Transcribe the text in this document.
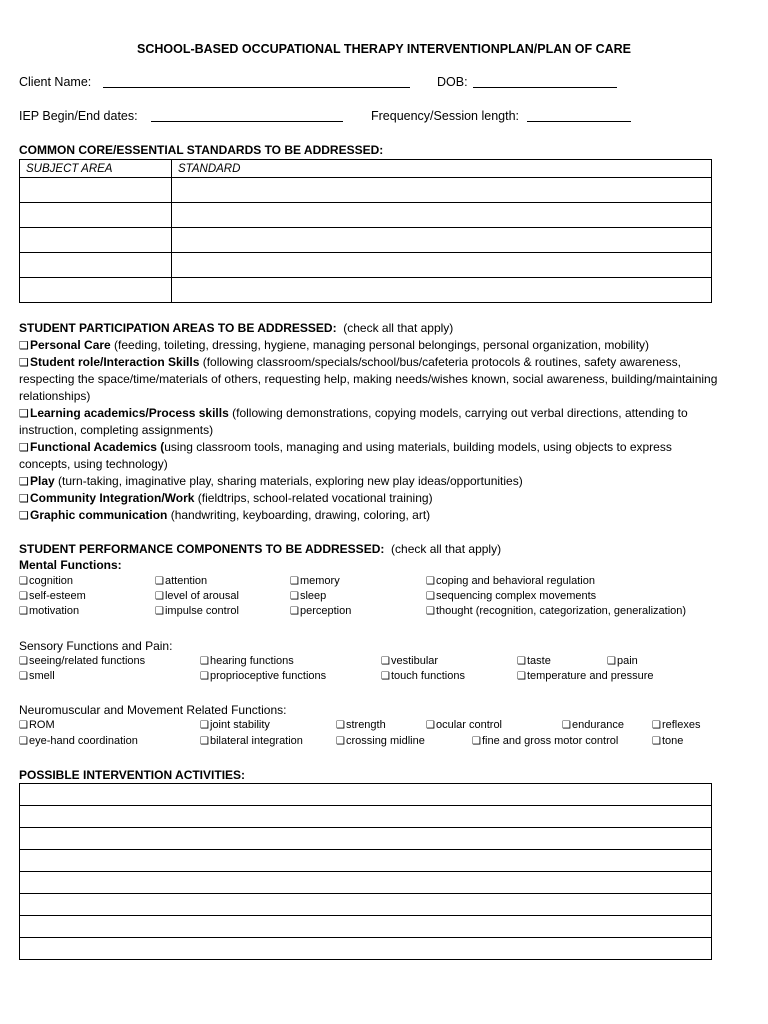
SCHOOL-BASED OCCUPATIONAL THERAPY INTERVENTIONPLAN/PLAN OF CARE
Client Name:	DOB:
IEP Begin/End dates:	Frequency/Session length:
COMMON CORE/ESSENTIAL STANDARDS TO BE ADDRESSED:
SUBJECT AREA	STANDARD

STUDENT PARTICIPATION AREAS TO BE ADDRESSED: (check all that apply)
❑Personal Care (feeding, toileting, dressing, hygiene, managing personal belongings, personal organization, mobility)
❑Student role/Interaction Skills (following classroom/specials/school/bus/cafeteria protocols & routines, safety awareness, respecting the space/time/materials of others, requesting help, making needs/wishes known, social awareness, building/maintaining relationships)
❑Learning academics/Process skills (following demonstrations, copying models, carrying out verbal directions, attending to instruction, completing assignments)
❑Functional Academics (using classroom tools, managing and using materials, building models, using objects to express concepts, using technology)
❑Play (turn-taking, imaginative play, sharing materials, exploring new play ideas/opportunities)
❑Community Integration/Work (fieldtrips, school-related vocational training)
❑Graphic communication (handwriting, keyboarding, drawing, coloring, art)
STUDENT PERFORMANCE COMPONENTS TO BE ADDRESSED: (check all that apply)
Mental Functions:
❑cognition	❑attention	❑memory	❑coping and behavioral regulation
❑self-esteem	❑level of arousal	❑sleep	❑sequencing complex movements
❑motivation	❑impulse control	❑perception	❑thought (recognition, categorization, generalization)
Sensory Functions and Pain:
❑seeing/related functions	❑hearing functions	❑vestibular	❑taste	❑pain
❑smell	❑proprioceptive functions	❑touch functions	❑temperature and pressure
Neuromuscular and Movement Related Functions:
❑ROM	❑joint stability	❑strength	❑ocular control	❑endurance	❑reflexes
❑eye-hand coordination	❑bilateral integration	❑crossing midline	❑fine and gross motor control	❑tone
POSSIBLE INTERVENTION ACTIVITIES:
